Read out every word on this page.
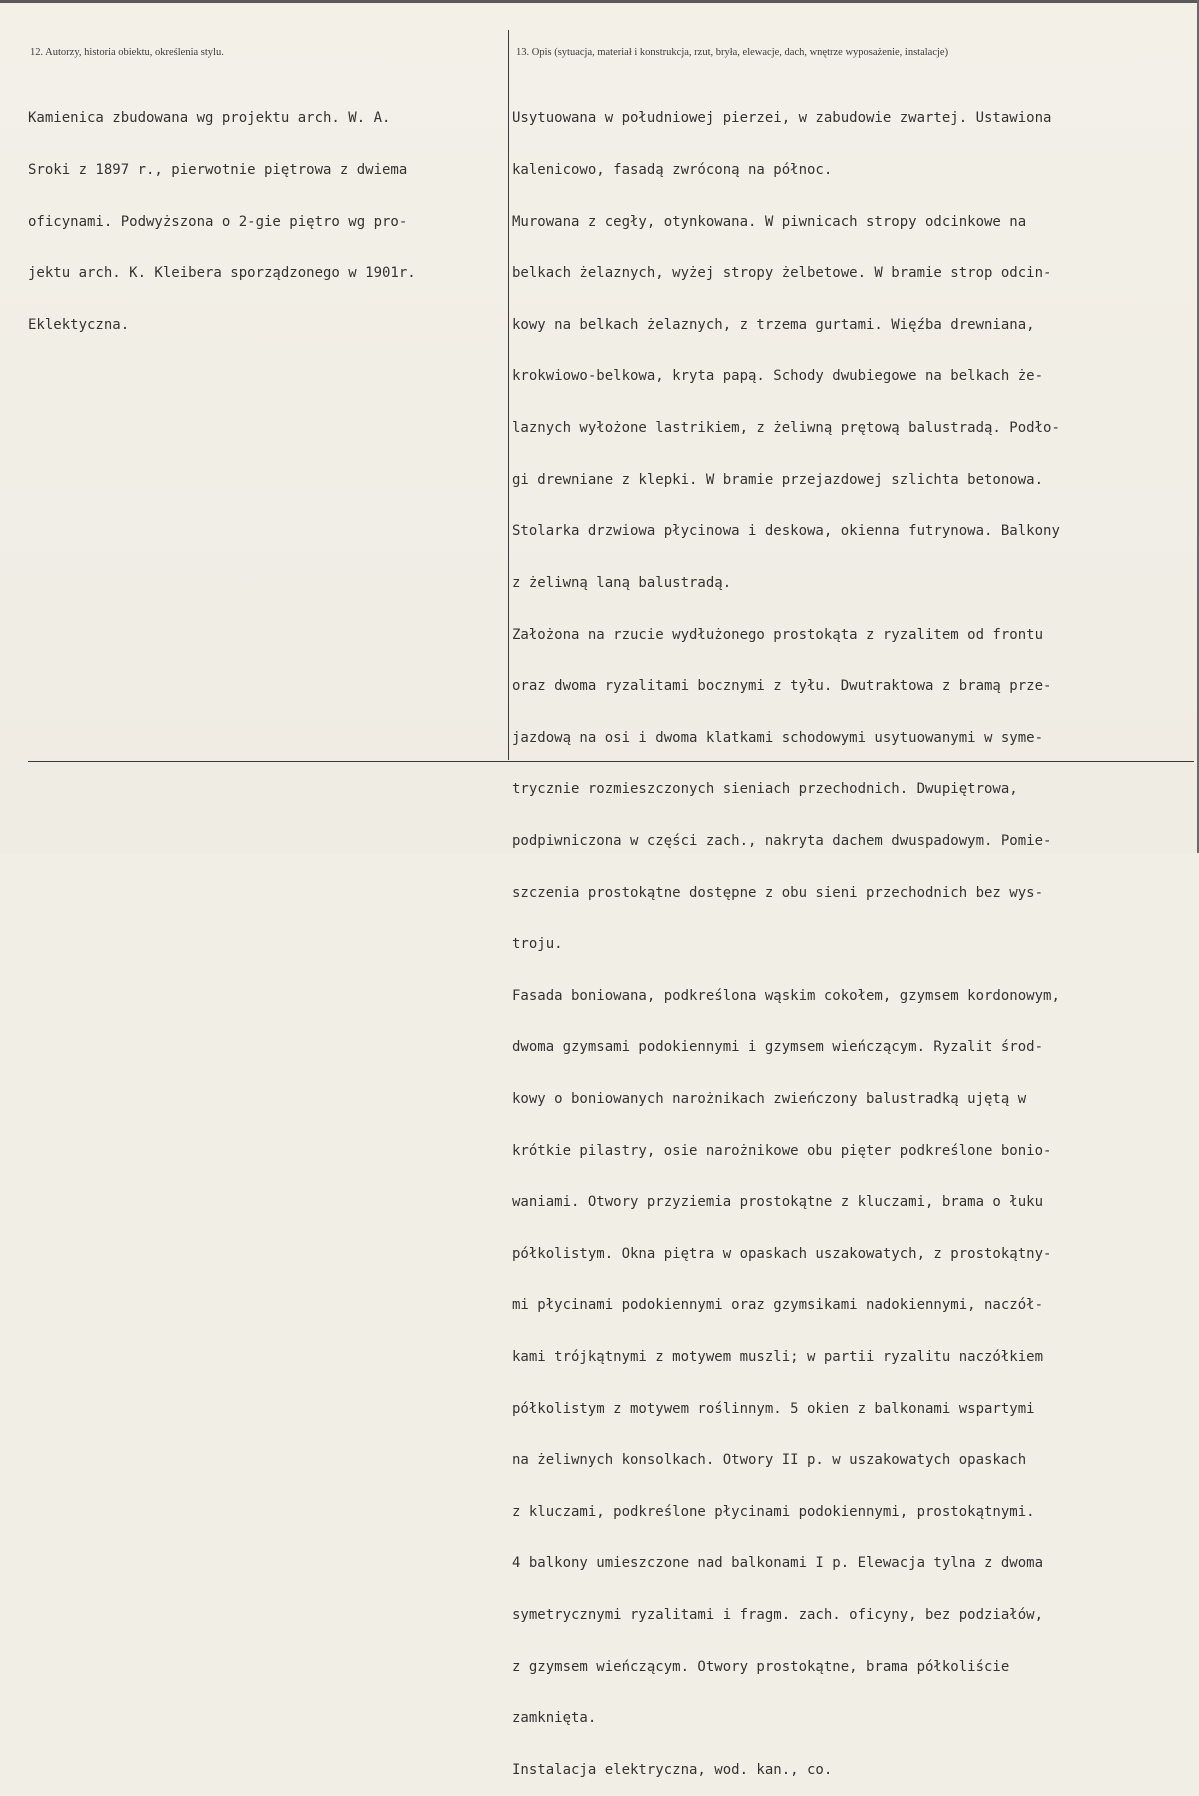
12. Autorzy, historia obiektu, określenia stylu.	13. Opis (sytuacja, materiał i konstrukcja, rzut, bryła, elewacje, dach, wnętrze wyposażenie, instalacje)

Kamienica zbudowana wg projektu arch. W. A.

Sroki z 1897 r., pierwotnie piętrowa z dwiema

oficynami. Podwyższona o 2-gie piętro wg pro-

jektu arch. K. Kleibera sporządzonego w 1901r.

Eklektyczna.

Usytuowana w południowej pierzei, w zabudowie zwartej. Ustawiona

kalenicowo, fasadą zwróconą na północ.

Murowana z cegły, otynkowana. W piwnicach stropy odcinkowe na

belkach żelaznych, wyżej stropy żelbetowe. W bramie strop odcin-

kowy na belkach żelaznych, z trzema gurtami. Więźba drewniana,

krokwiowo-belkowa, kryta papą. Schody dwubiegowe na belkach że-

laznych wyłożone lastrikiem, z żeliwną prętową balustradą. Podło-

gi drewniane z klepki. W bramie przejazdowej szlichta betonowa.

Stolarka drzwiowa płycinowa i deskowa, okienna futrynowa. Balkony

z żeliwną laną balustradą.

Założona na rzucie wydłużonego prostokąta z ryzalitem od frontu

oraz dwoma ryzalitami bocznymi z tyłu. Dwutraktowa z bramą prze-

jazdową na osi i dwoma klatkami schodowymi usytuowanymi w syme-

trycznie rozmieszczonych sieniach przechodnich. Dwupiętrowa,

podpiwniczona w części zach., nakryta dachem dwuspadowym. Pomie-

szczenia prostokątne dostępne z obu sieni przechodnich bez wys-

troju.

Fasada boniowana, podkreślona wąskim cokołem, gzymsem kordonowym,

dwoma gzymsami podokiennymi i gzymsem wieńczącym. Ryzalit środ-

kowy o boniowanych narożnikach zwieńczony balustradką ujętą w

krótkie pilastry, osie narożnikowe obu pięter podkreślone bonio-

waniami. Otwory przyziemia prostokątne z kluczami, brama o łuku

półkolistym. Okna piętra w opaskach uszakowatych, z prostokątny-

mi płycinami podokiennymi oraz gzymsikami nadokiennymi, naczół-

kami trójkątnymi z motywem muszli; w partii ryzalitu naczółkiem

półkolistym z motywem roślinnym. 5 okien z balkonami wspartymi

na żeliwnych konsolkach. Otwory II p. w uszakowatych opaskach

z kluczami, podkreślone płycinami podokiennymi, prostokątnymi.

4 balkony umieszczone nad balkonami I p. Elewacja tylna z dwoma

symetrycznymi ryzalitami i fragm. zach. oficyny, bez podziałów,

z gzymsem wieńczącym. Otwory prostokątne, brama półkoliście

zamknięta.

Instalacja elektryczna, wod. kan., co.
